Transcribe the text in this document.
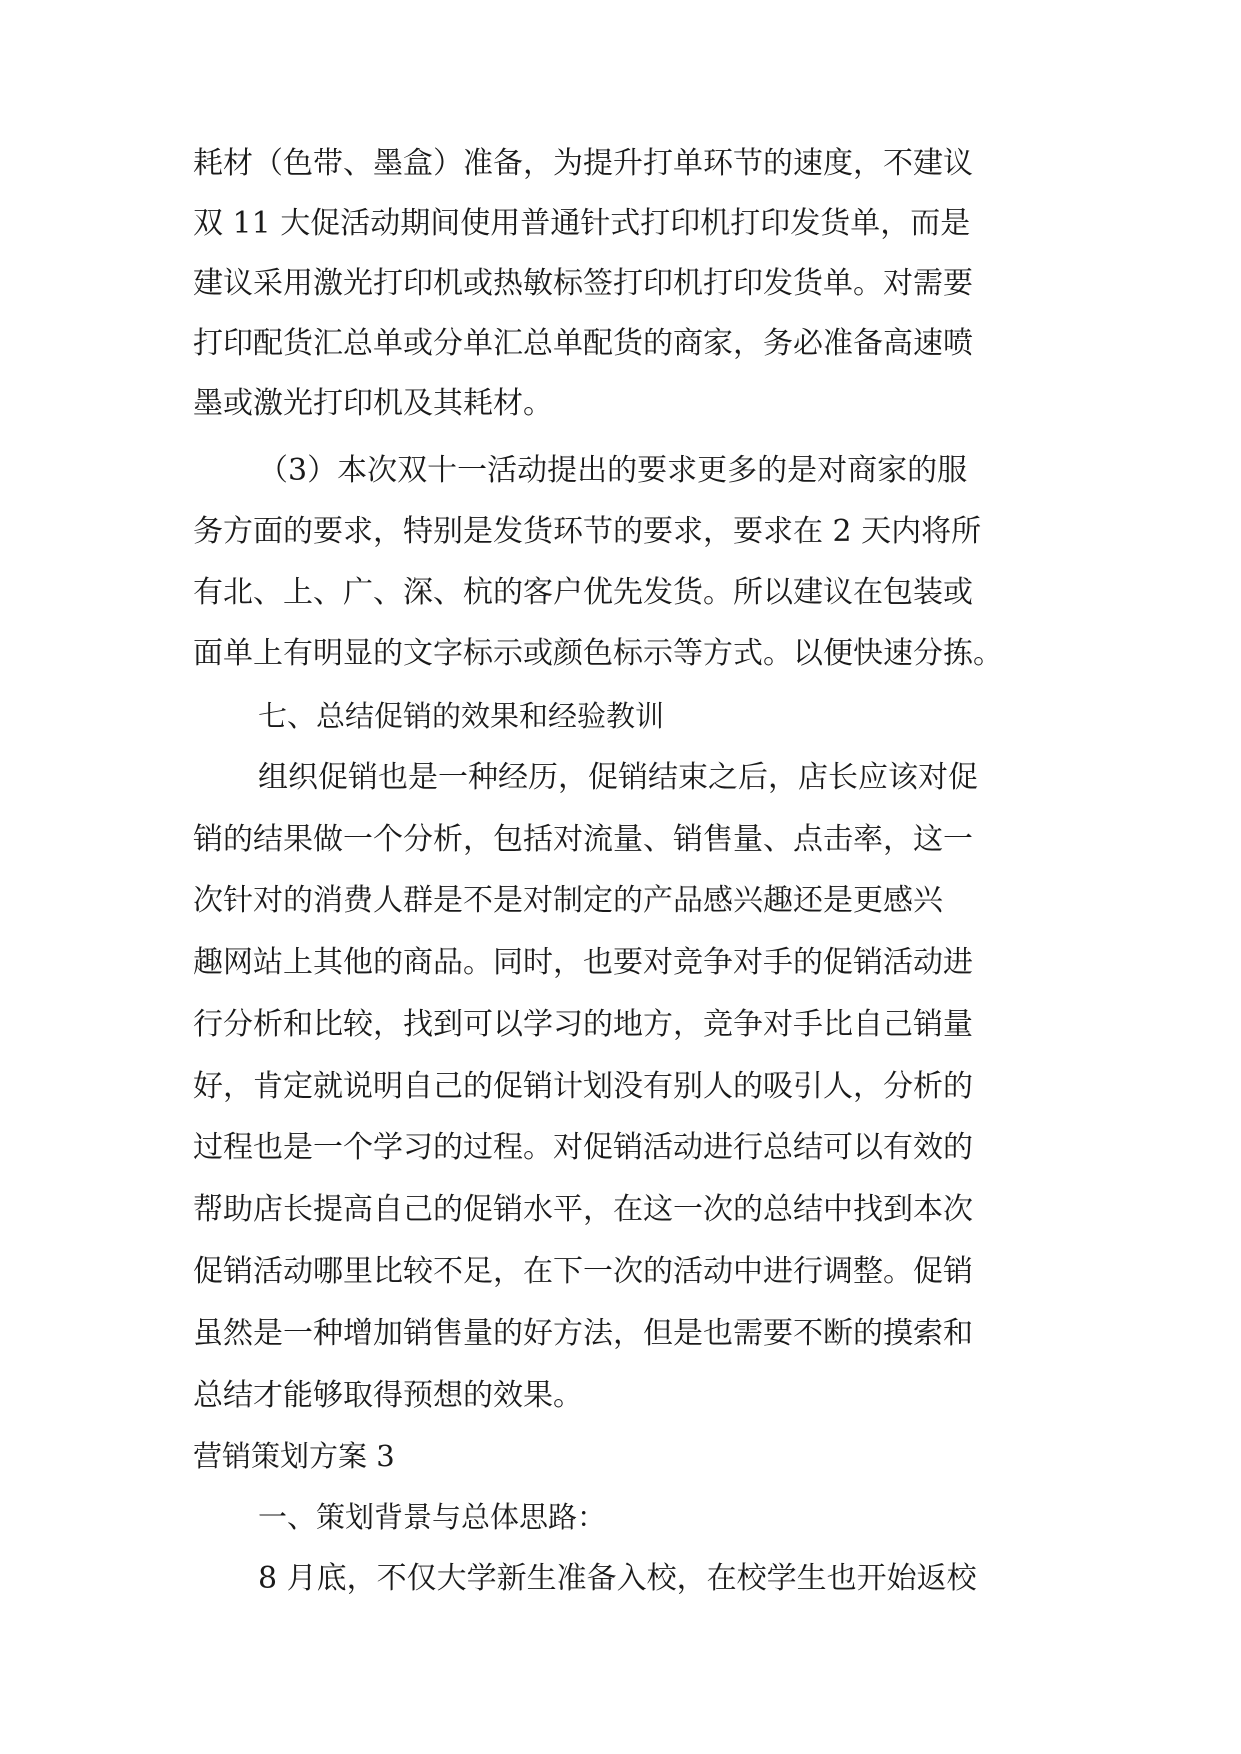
耗材（色带、墨盒）准备，为提升打单环节的速度，不建议
双 11 大促活动期间使用普通针式打印机打印发货单，而是
建议采用激光打印机或热敏标签打印机打印发货单。对需要
打印配货汇总单或分单汇总单配货的商家，务必准备高速喷
墨或激光打印机及其耗材。
（3）本次双十一活动提出的要求更多的是对商家的服
务方面的要求，特别是发货环节的要求，要求在 2 天内将所
有北、上、广、深、杭的客户优先发货。所以建议在包装或
面单上有明显的文字标示或颜色标示等方式。以便快速分拣。
七、总结促销的效果和经验教训
组织促销也是一种经历，促销结束之后，店长应该对促
销的结果做一个分析，包括对流量、销售量、点击率，这一
次针对的消费人群是不是对制定的产品感兴趣还是更感兴
趣网站上其他的商品。同时，也要对竞争对手的促销活动进
行分析和比较，找到可以学习的地方，竞争对手比自己销量
好，肯定就说明自己的促销计划没有别人的吸引人，分析的
过程也是一个学习的过程。对促销活动进行总结可以有效的
帮助店长提高自己的促销水平，在这一次的总结中找到本次
促销活动哪里比较不足，在下一次的活动中进行调整。促销
虽然是一种增加销售量的好方法，但是也需要不断的摸索和
总结才能够取得预想的效果。
营销策划方案 3
一、策划背景与总体思路：
8 月底，不仅大学新生准备入校，在校学生也开始返校
